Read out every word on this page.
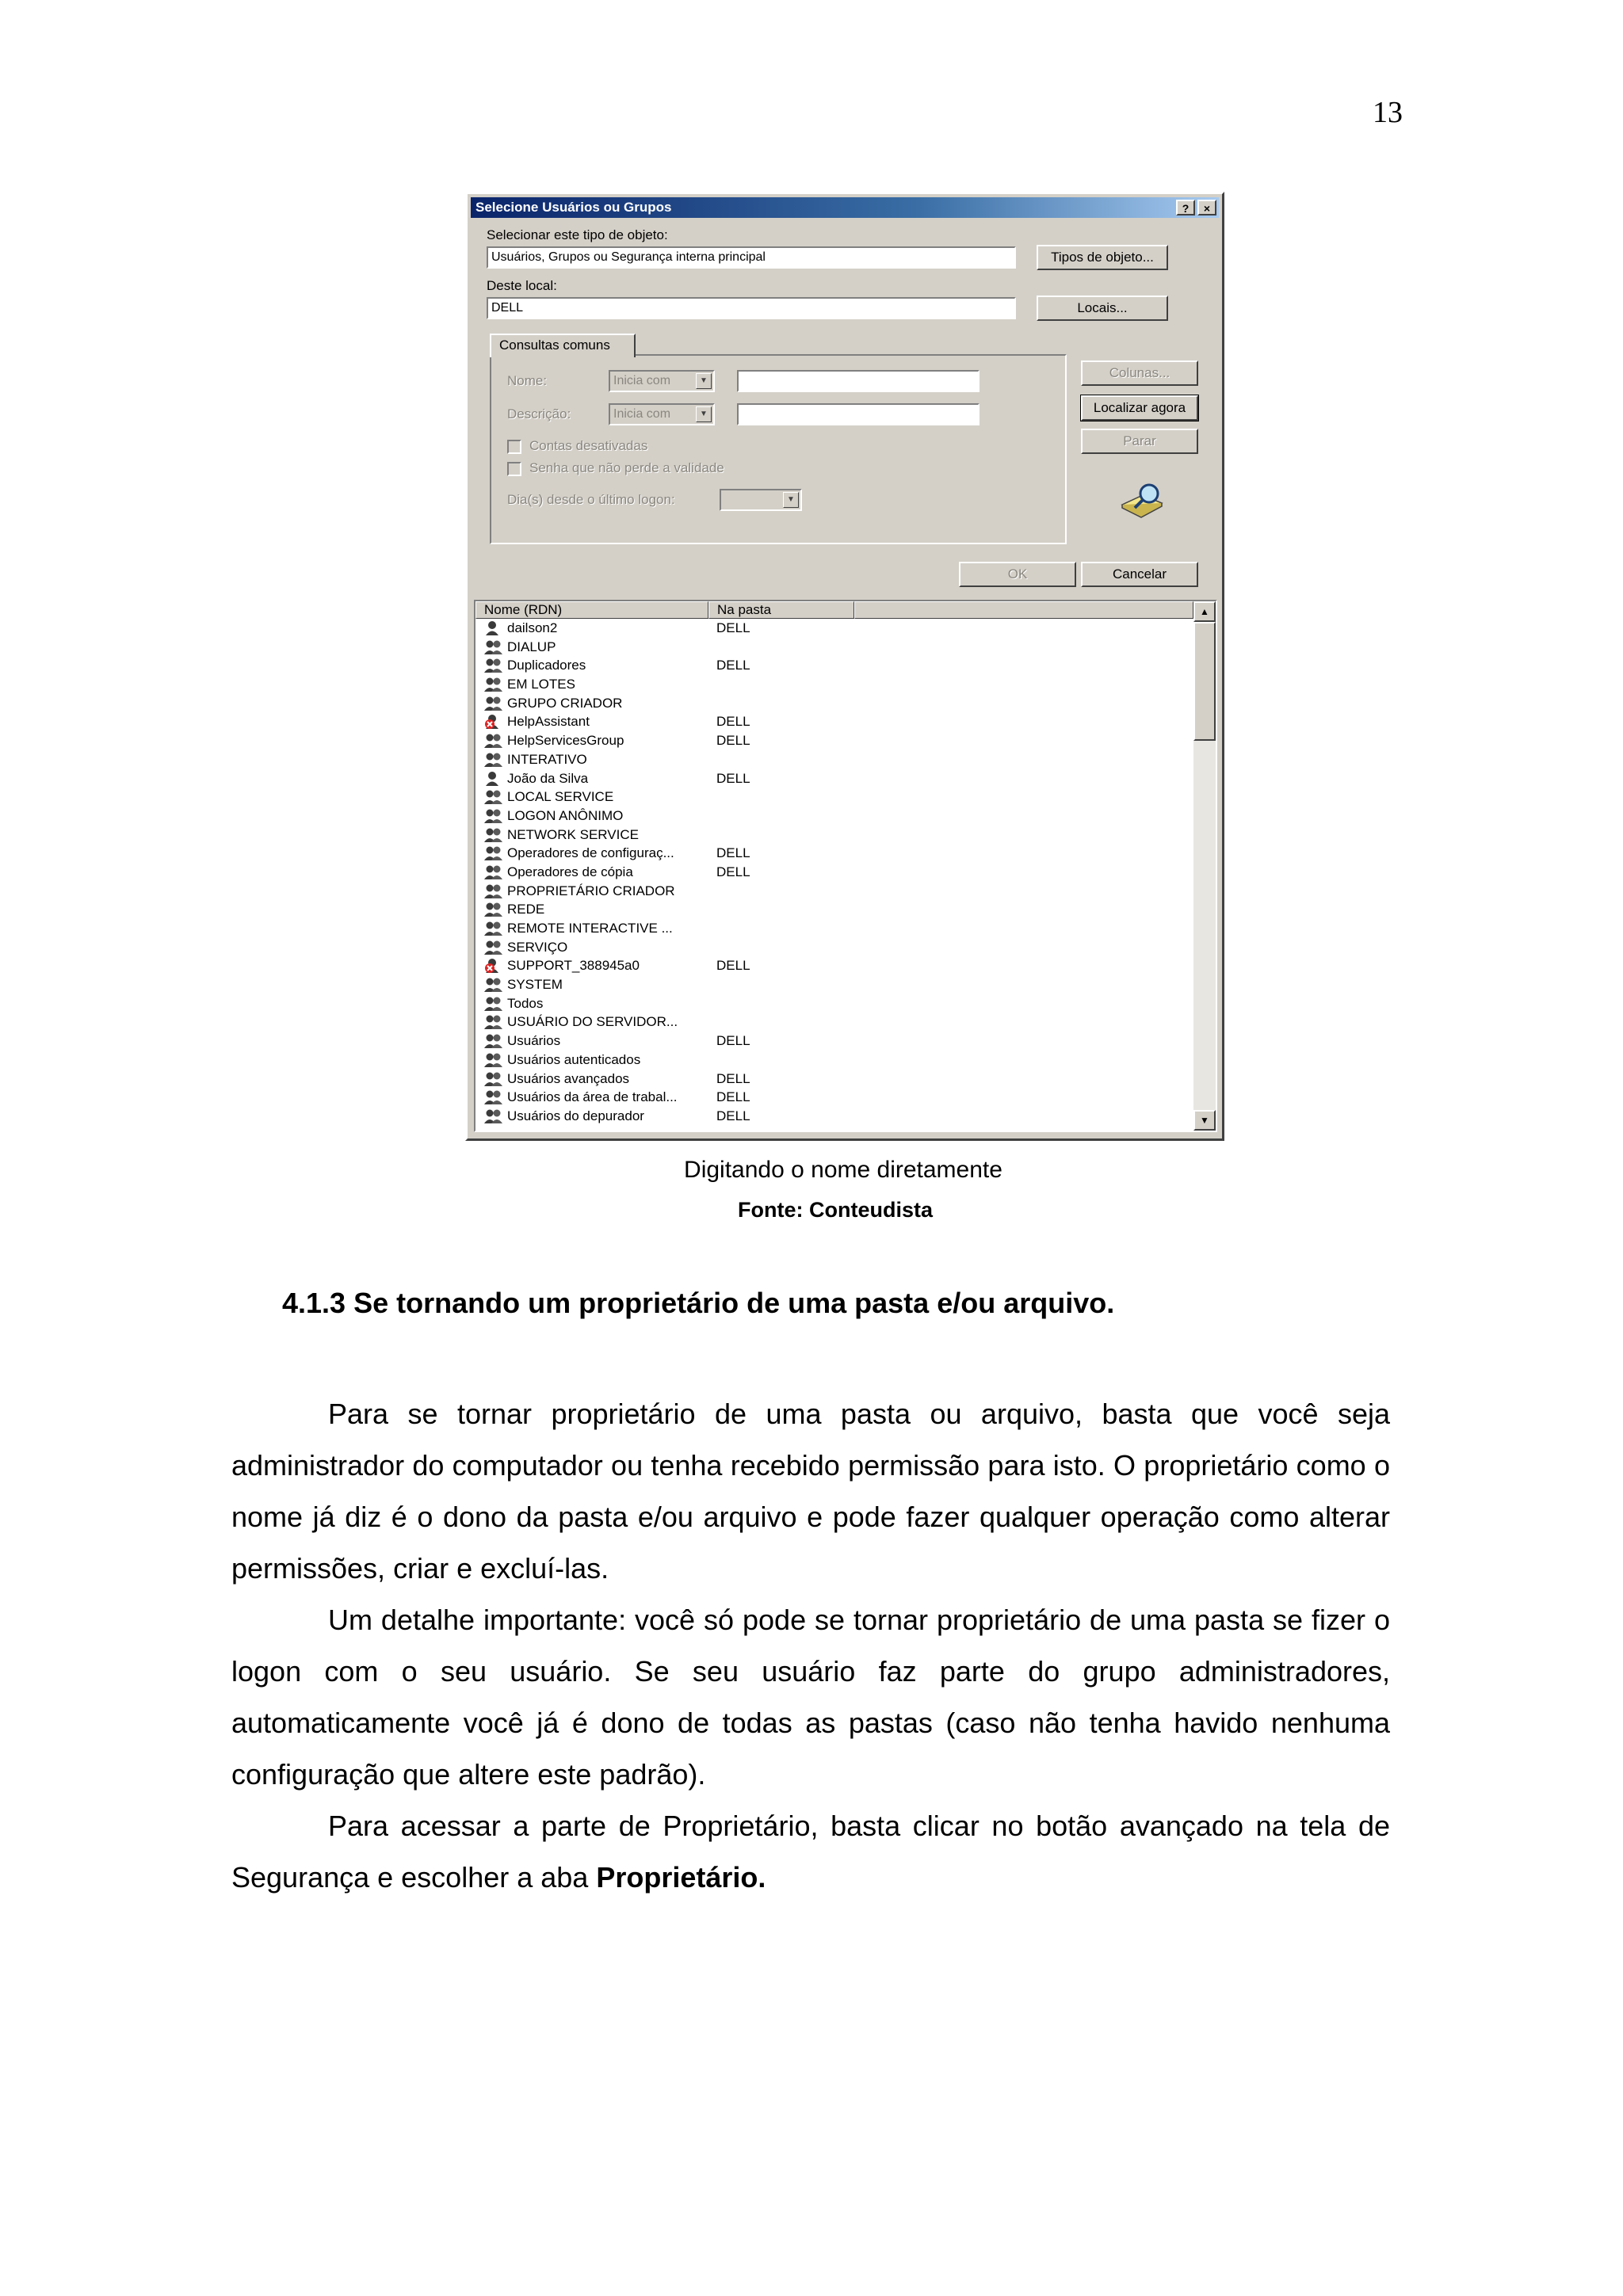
13
Selecione Usuários ou Grupos	?	×
Selecionar este tipo de objeto:
Usuários, Grupos ou Segurança interna principal	Tipos de objeto...
Deste local:
DELL	Locais...
Consultas comuns
Nome:	Inicia com	▼
Descrição:	Inicia com	▼
Contas desativadas
Senha que não perde a validade
Dia(s) desde o último logon:	▼
Colunas...
Localizar agora
Parar
OK	Cancelar
Nome (RDN)	Na pasta
dailson2	DELL
DIALUP
Duplicadores	DELL
EM LOTES
GRUPO CRIADOR
HelpAssistant	DELL
HelpServicesGroup	DELL
INTERATIVO
João da Silva	DELL
LOCAL SERVICE
LOGON ANÔNIMO
NETWORK SERVICE
Operadores de configuraç...	DELL
Operadores de cópia	DELL
PROPRIETÁRIO CRIADOR
REDE
REMOTE INTERACTIVE ...
SERVIÇO
SUPPORT_388945a0	DELL
SYSTEM
Todos
USUÁRIO DO SERVIDOR...
Usuários	DELL
Usuários autenticados
Usuários avançados	DELL
Usuários da área de trabal...	DELL
Usuários do depurador	DELL
▲
▼
Digitando o nome diretamente
Fonte: Conteudista
4.1.3 Se tornando um proprietário de uma pasta e/ou arquivo.

Para se tornar proprietário de uma pasta ou arquivo, basta que você seja administrador do computador ou tenha recebido permissão para isto. O proprietário como o nome já diz é o dono da pasta e/ou arquivo e pode fazer qualquer operação como alterar permissões, criar e excluí-las.

Um detalhe importante: você só pode se tornar proprietário de uma pasta se fizer o logon com o seu usuário. Se seu usuário faz parte do grupo administradores, automaticamente você já é dono de todas as pastas (caso não tenha havido nenhuma configuração que altere este padrão).

Para acessar a parte de Proprietário, basta clicar no botão avançado na tela de Segurança e escolher a aba Proprietário.
